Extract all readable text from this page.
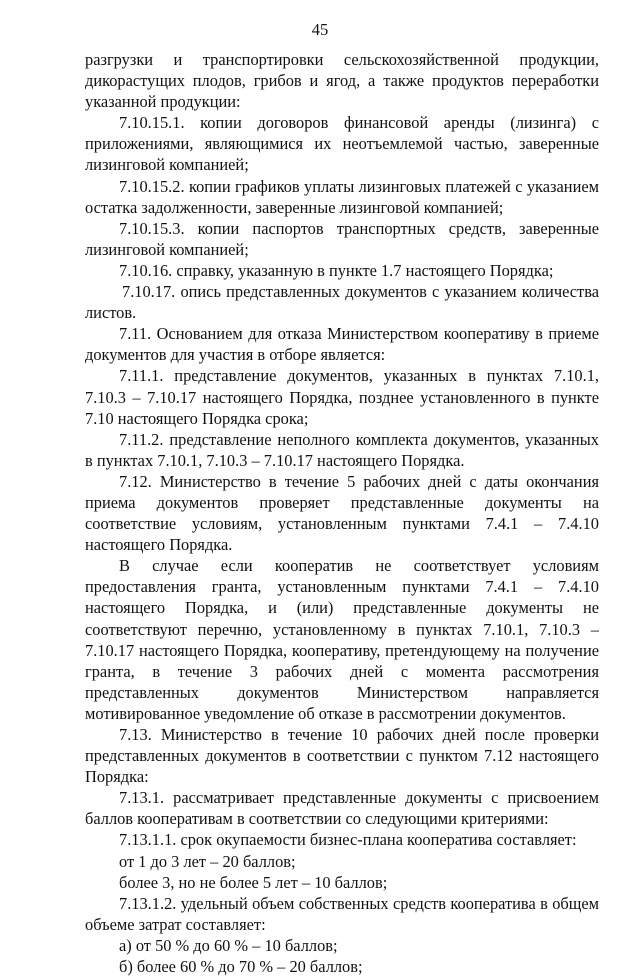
45

разгрузки и транспортировки сельскохозяйственной продукции, дикорастущих плодов, грибов и ягод, а также продуктов переработки указанной продукции:

7.10.15.1. копии договоров финансовой аренды (лизинга) с приложениями, являющимися их неотъемлемой частью, заверенные лизинговой компанией;

7.10.15.2. копии графиков уплаты лизинговых платежей с указанием остатка задолженности, заверенные лизинговой компанией;

7.10.15.3. копии паспортов транспортных средств, заверенные лизинговой компанией;

7.10.16. справку, указанную в пункте 1.7 настоящего Порядка;

7.10.17. опись представленных документов с указанием количества листов.

7.11. Основанием для отказа Министерством кооперативу в приеме документов для участия в отборе является:

7.11.1. представление документов, указанных в пунктах 7.10.1, 7.10.3 – 7.10.17 настоящего Порядка, позднее установленного в пункте 7.10 настоящего Порядка срока;

7.11.2. представление неполного комплекта документов, указанных в пунктах 7.10.1, 7.10.3 – 7.10.17 настоящего Порядка.

7.12. Министерство в течение 5 рабочих дней с даты окончания приема документов проверяет представленные документы на соответствие условиям, установленным пунктами 7.4.1 – 7.4.10 настоящего Порядка.

В случае если кооператив не соответствует условиям предоставления гранта, установленным пунктами 7.4.1 – 7.4.10 настоящего Порядка, и (или) представленные документы не соответствуют перечню, установленному в пунктах 7.10.1, 7.10.3 – 7.10.17 настоящего Порядка, кооперативу, претендующему на получение гранта, в течение 3 рабочих дней с момента рассмотрения представленных документов Министерством направляется мотивированное уведомление об отказе в рассмотрении документов.

7.13. Министерство в течение 10 рабочих дней после проверки представленных документов в соответствии с пунктом 7.12 настоящего Порядка:

7.13.1. рассматривает представленные документы с присвоением баллов кооперативам в соответствии со следующими критериями:

7.13.1.1. срок окупаемости бизнес-плана кооператива составляет:

от 1 до 3 лет – 20 баллов;

более 3, но не более 5 лет – 10 баллов;

7.13.1.2. удельный объем собственных средств кооператива в общем объеме затрат составляет:

а) от 50 % до 60 % – 10 баллов;

б) более 60 % до 70 % – 20 баллов;
